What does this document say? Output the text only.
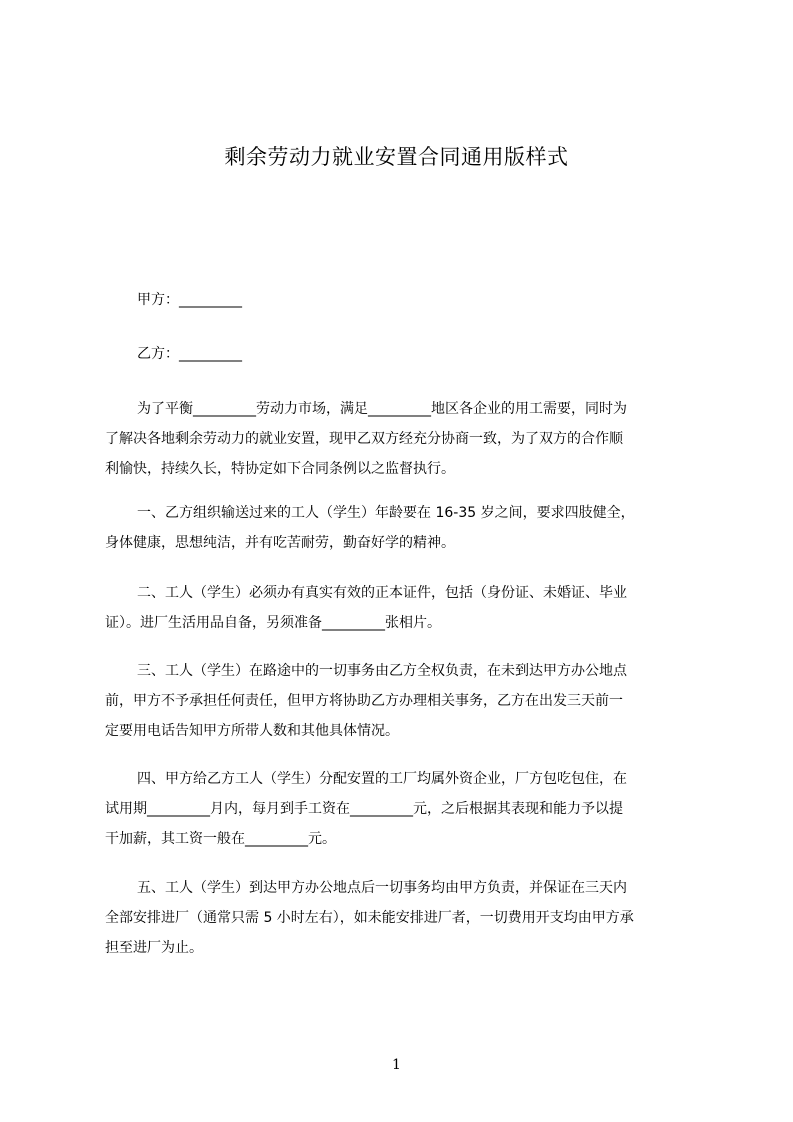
剩余劳动力就业安置合同通用版样式
甲方：_________
乙方：_________
为了平衡_________劳动力市场，满足_________地区各企业的用工需要，同时为
了解决各地剩余劳动力的就业安置，现甲乙双方经充分协商一致，为了双方的合作顺
利愉快，持续久长，特协定如下合同条例以之监督执行。
一、乙方组织输送过来的工人（学生）年龄要在 16-35 岁之间，要求四肢健全，
身体健康，思想纯洁，并有吃苦耐劳，勤奋好学的精神。
二、工人（学生）必须办有真实有效的正本证件，包括（身份证、未婚证、毕业
证）。进厂生活用品自备，另须准备_________张相片。
三、工人（学生）在路途中的一切事务由乙方全权负责，在未到达甲方办公地点
前，甲方不予承担任何责任，但甲方将协助乙方办理相关事务，乙方在出发三天前一
定要用电话告知甲方所带人数和其他具体情况。
四、甲方给乙方工人（学生）分配安置的工厂均属外资企业，厂方包吃包住，在
试用期_________月内，每月到手工资在_________元，之后根据其表现和能力予以提
干加薪，其工资一般在_________元。
五、工人（学生）到达甲方办公地点后一切事务均由甲方负责，并保证在三天内
全部安排进厂（通常只需 5 小时左右），如未能安排进厂者，一切费用开支均由甲方承
担至进厂为止。
1
